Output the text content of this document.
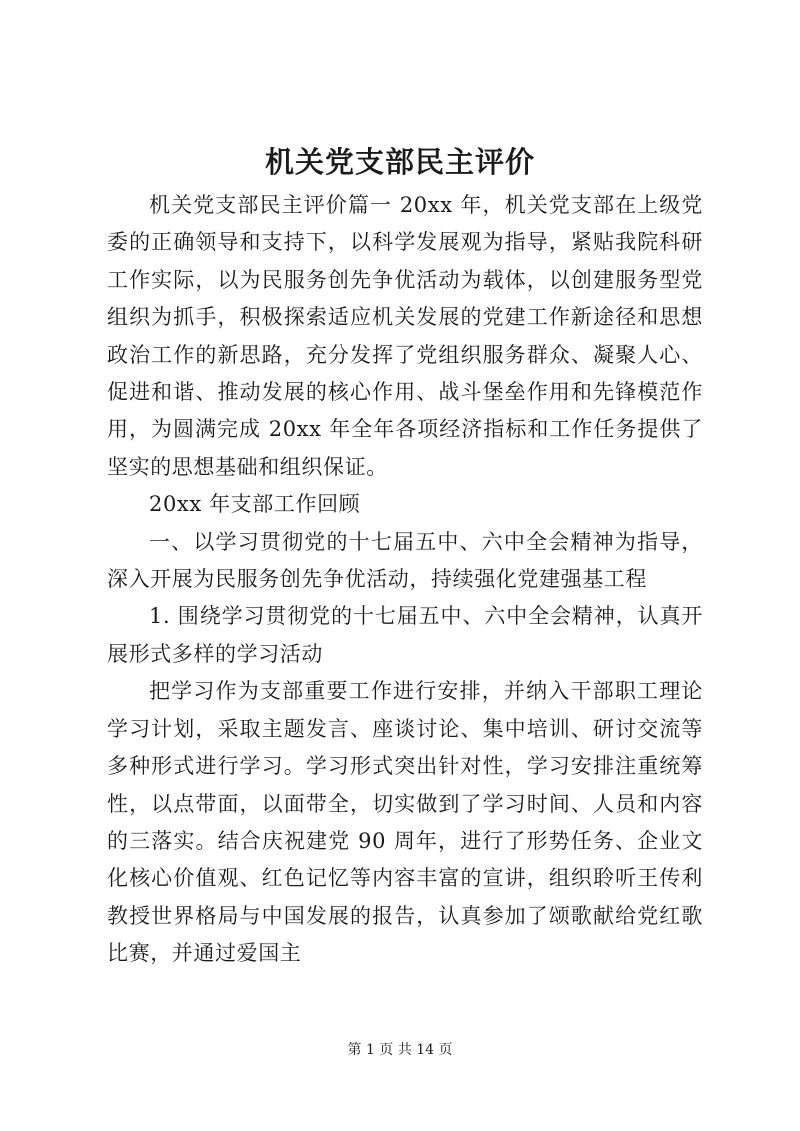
机关党支部民主评价

机关党支部民主评价篇一 20xx 年，机关党支部在上级党委的正确领导和支持下，以科学发展观为指导，紧贴我院科研工作实际，以为民服务创先争优活动为载体，以创建服务型党组织为抓手，积极探索适应机关发展的党建工作新途径和思想政治工作的新思路，充分发挥了党组织服务群众、凝聚人心、促进和谐、推动发展的核心作用、战斗堡垒作用和先锋模范作用，为圆满完成 20xx 年全年各项经济指标和工作任务提供了坚实的思想基础和组织保证。

20xx 年支部工作回顾

一、以学习贯彻党的十七届五中、六中全会精神为指导，深入开展为民服务创先争优活动，持续强化党建强基工程

1. 围绕学习贯彻党的十七届五中、六中全会精神，认真开展形式多样的学习活动

把学习作为支部重要工作进行安排，并纳入干部职工理论学习计划，采取主题发言、座谈讨论、集中培训、研讨交流等多种形式进行学习。学习形式突出针对性，学习安排注重统筹性，以点带面，以面带全，切实做到了学习时间、人员和内容的三落实。结合庆祝建党 90 周年，进行了形势任务、企业文化核心价值观、红色记忆等内容丰富的宣讲，组织聆听王传利教授世界格局与中国发展的报告，认真参加了颂歌献给党红歌比赛，并通过爱国主

第 1 页 共 14 页
